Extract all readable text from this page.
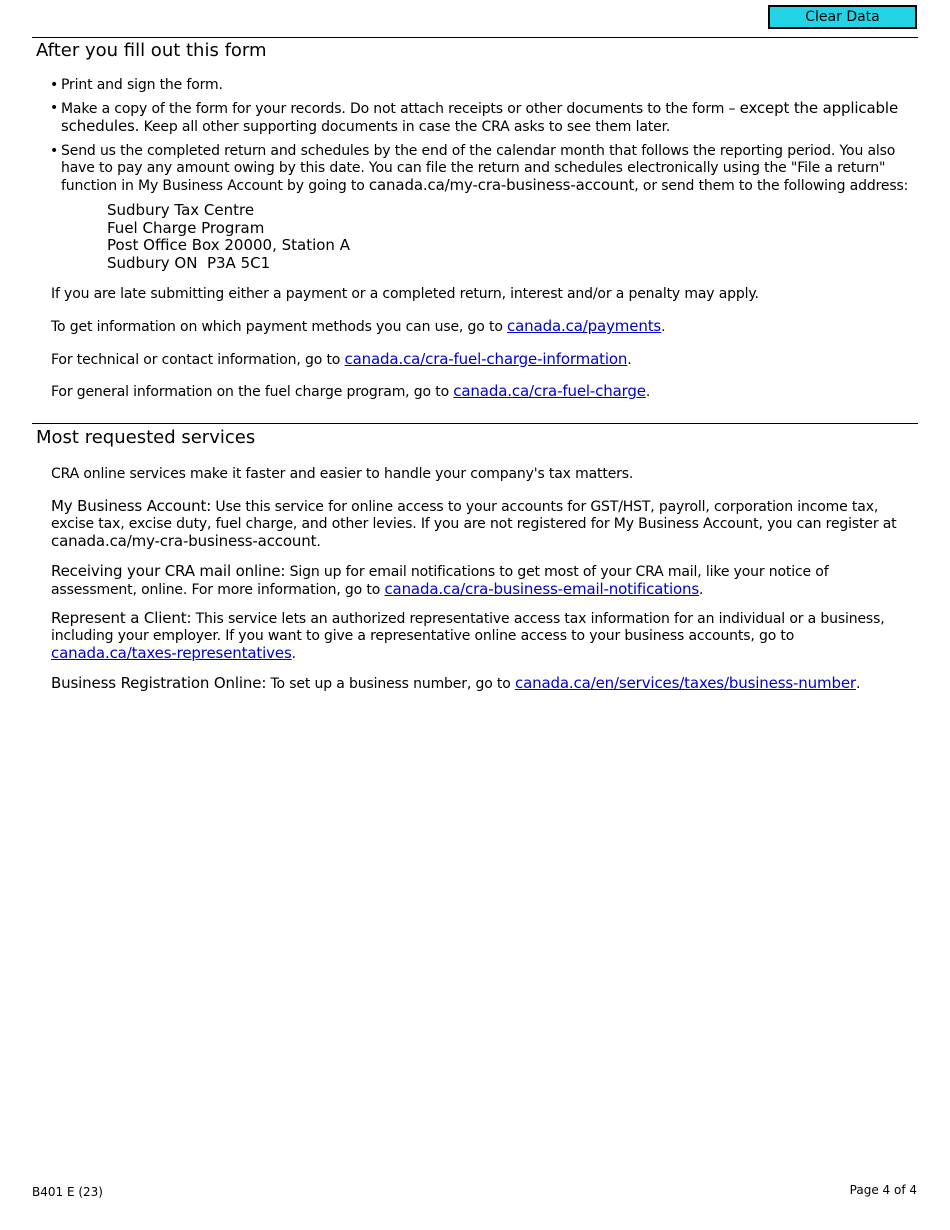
Clear Data
After you fill out this form
• Print and sign the form.
• Make a copy of the form for your records. Do not attach receipts or other documents to the form – except the applicable schedules. Keep all other supporting documents in case the CRA asks to see them later.
• Send us the completed return and schedules by the end of the calendar month that follows the reporting period. You also have to pay any amount owing by this date. You can file the return and schedules electronically using the "File a return" function in My Business Account by going to canada.ca/my-cra-business-account, or send them to the following address:
Sudbury Tax Centre
Fuel Charge Program
Post Office Box 20000, Station A
Sudbury ON  P3A 5C1

If you are late submitting either a payment or a completed return, interest and/or a penalty may apply.

To get information on which payment methods you can use, go to canada.ca/payments.

For technical or contact information, go to canada.ca/cra-fuel-charge-information.

For general information on the fuel charge program, go to canada.ca/cra-fuel-charge.

Most requested services

CRA online services make it faster and easier to handle your company's tax matters.

My Business Account: Use this service for online access to your accounts for GST/HST, payroll, corporation income tax, excise tax, excise duty, fuel charge, and other levies. If you are not registered for My Business Account, you can register at canada.ca/my-cra-business-account.

Receiving your CRA mail online: Sign up for email notifications to get most of your CRA mail, like your notice of assessment, online. For more information, go to canada.ca/cra-business-email-notifications.

Represent a Client: This service lets an authorized representative access tax information for an individual or a business, including your employer. If you want to give a representative online access to your business accounts, go to canada.ca/taxes-representatives.

Business Registration Online: To set up a business number, go to canada.ca/en/services/taxes/business-number.

B401 E (23)	Page 4 of 4
